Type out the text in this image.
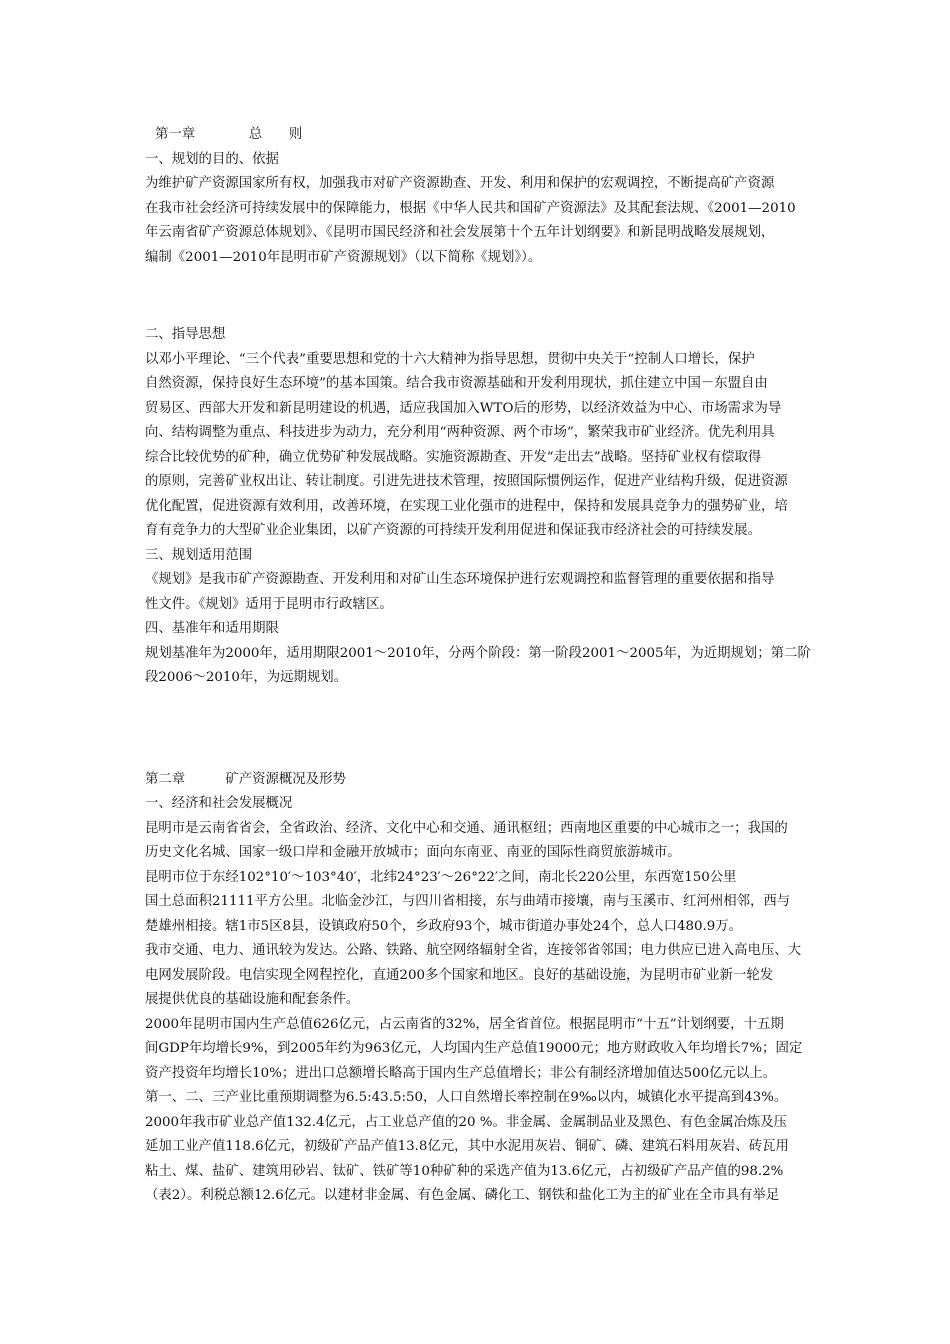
第一章　　　　总　　则
一、规划的目的、依据
为维护矿产资源国家所有权，加强我市对矿产资源勘查、开发、利用和保护的宏观调控，不断提高矿产资源
在我市社会经济可持续发展中的保障能力，根据《中华人民共和国矿产资源法》及其配套法规、《2001—2010
年云南省矿产资源总体规划》、《昆明市国民经济和社会发展第十个五年计划纲要》和新昆明战略发展规划，
编制《2001—2010年昆明市矿产资源规划》（以下简称《规划》）。
二、指导思想
以邓小平理论、“三个代表”重要思想和党的十六大精神为指导思想，贯彻中央关于“控制人口增长，保护
自然资源，保持良好生态环境”的基本国策。结合我市资源基础和开发利用现状，抓住建立中国－东盟自由
贸易区、西部大开发和新昆明建设的机遇，适应我国加入WTO后的形势，以经济效益为中心、市场需求为导
向、结构调整为重点、科技进步为动力，充分利用“两种资源、两个市场”，繁荣我市矿业经济。优先利用具
综合比较优势的矿种，确立优势矿种发展战略。实施资源勘查、开发“走出去”战略。坚持矿业权有偿取得
的原则，完善矿业权出让、转让制度。引进先进技术管理，按照国际惯例运作，促进产业结构升级，促进资源
优化配置，促进资源有效利用，改善环境，在实现工业化强市的进程中，保持和发展具竞争力的强势矿业，培
育有竞争力的大型矿业企业集团，以矿产资源的可持续开发利用促进和保证我市经济社会的可持续发展。
三、规划适用范围
《规划》是我市矿产资源勘查、开发利用和对矿山生态环境保护进行宏观调控和监督管理的重要依据和指导
性文件。《规划》适用于昆明市行政辖区。
四、基准年和适用期限
规划基准年为2000年，适用期限2001～2010年，分两个阶段：第一阶段2001～2005年，为近期规划；第二阶
段2006～2010年，为远期规划。
第二章　　　矿产资源概况及形势
一、经济和社会发展概况
昆明市是云南省省会，全省政治、经济、文化中心和交通、通讯枢纽；西南地区重要的中心城市之一；我国的
历史文化名城、国家一级口岸和金融开放城市；面向东南亚、南亚的国际性商贸旅游城市。
昆明市位于东经102°10′～103°40′，北纬24°23′～26°22′之间，南北长220公里，东西宽150公里
国土总面积21111平方公里。北临金沙江，与四川省相接，东与曲靖市接壤，南与玉溪市、红河州相邻，西与
楚雄州相接。辖1市5区8县，设镇政府50个，乡政府93个，城市街道办事处24个，总人口480.9万。
我市交通、电力、通讯较为发达。公路、铁路、航空网络辐射全省，连接邻省邻国；电力供应已进入高电压、大
电网发展阶段。电信实现全网程控化，直通200多个国家和地区。良好的基础设施，为昆明市矿业新一轮发
展提供优良的基础设施和配套条件。
2000年昆明市国内生产总值626亿元，占云南省的32%，居全省首位。根据昆明市“十五”计划纲要，十五期
间GDP年均增长9%，到2005年约为963亿元，人均国内生产总值19000元；地方财政收入年均增长7%；固定
资产投资年均增长10%；进出口总额增长略高于国内生产总值增长；非公有制经济增加值达500亿元以上。
第一、二、三产业比重预期调整为6.5:43.5:50，人口自然增长率控制在9‰以内，城镇化水平提高到43%。
2000年我市矿业总产值132.4亿元，占工业总产值的20 %。非金属、金属制品业及黑色、有色金属冶炼及压
延加工业产值118.6亿元，初级矿产品产值13.8亿元，其中水泥用灰岩、铜矿、磷、建筑石料用灰岩、砖瓦用
粘土、煤、盐矿、建筑用砂岩、钛矿、铁矿等10种矿种的采选产值为13.6亿元，占初级矿产品产值的98.2%
（表2）。利税总额12.6亿元。以建材非金属、有色金属、磷化工、钢铁和盐化工为主的矿业在全市具有举足
